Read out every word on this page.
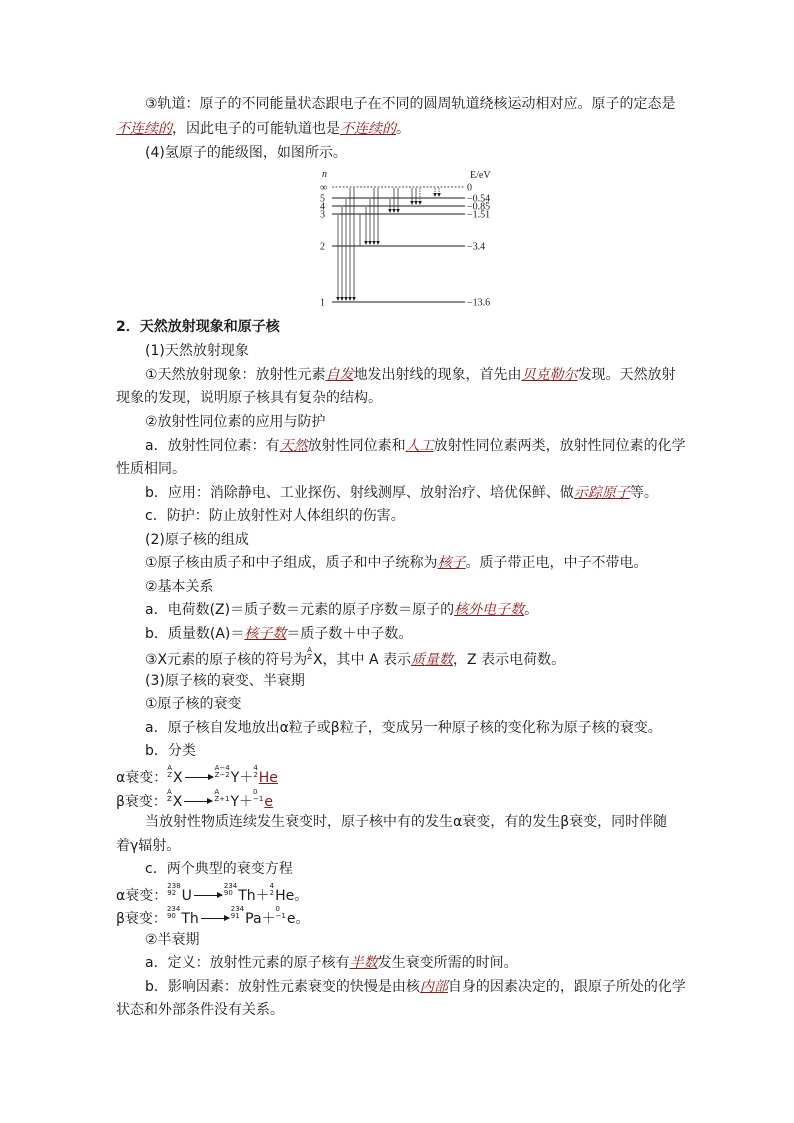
③轨道：原子的不同能量状态跟电子在不同的圆周轨道绕核运动相对应。原子的定态是
不连续的，因此电子的可能轨道也是不连续的。
(4)氢原子的能级图，如图所示。
n	E/eV
∞	0
5	−0.54
4	−0.85
3	−1.51
2	−3.4
1	−13.6
2．天然放射现象和原子核
(1)天然放射现象
①天然放射现象：放射性元素自发地发出射线的现象，首先由贝克勒尔发现。天然放射
现象的发现，说明原子核具有复杂的结构。
②放射性同位素的应用与防护
a．放射性同位素：有天然放射性同位素和人工放射性同位素两类，放射性同位素的化学
性质相同。
b．应用：消除静电、工业探伤、射线测厚、放射治疗、培优保鲜、做示踪原子等。
c．防护：防止放射性对人体组织的伤害。
(2)原子核的组成
①原子核由质子和中子组成，质子和中子统称为核子。质子带正电，中子不带电。
②基本关系
a．电荷数(Z)＝质子数＝元素的原子序数＝原子的核外电子数。
b．质量数(A)＝核子数＝质子数＋中子数。
③X元素的原子核的符号为A
ZX，其中 A 表示质量数，Z 表示电荷数。
(3)原子核的衰变、半衰期
①原子核的衰变
a．原子核自发地放出α粒子或β粒子，变成另一种原子核的变化称为原子核的衰变。
b．分类
α衰变：A
ZX →A−4
Z−2Y＋4
2He
β衰变：A
ZX →A
Z+1Y＋0
−1e
当放射性物质连续发生衰变时，原子核中有的发生α衰变，有的发生β衰变，同时伴随
着γ辐射。
c．两个典型的衰变方程
α衰变：238
92 U →234
90 Th＋4
2He。
β衰变：234
90 Th →234
91 Pa＋0
−1e。
②半衰期
a．定义：放射性元素的原子核有半数发生衰变所需的时间。
b．影响因素：放射性元素衰变的快慢是由核内部自身的因素决定的，跟原子所处的化学
状态和外部条件没有关系。
